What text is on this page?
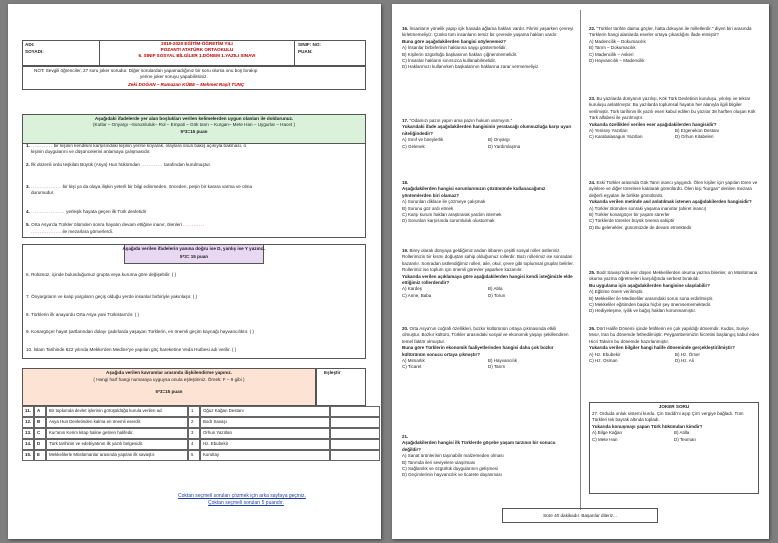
ADI:
SOYADI:
2019-2020 EĞİTİM-ÖĞRETİM YILI
POZANTI ATATÜRK ORTAOKULU
6. SINIF SOSYAL BİLGİLER 1.DÖNEM 1.YAZILI SINAVI
SINIF: NO:
PUAN:
NOT: Sevgili öğrenciler, 27 soru joker sorudur. Diğer sorulardan yapamadığınız bir soru olursa onu boş bırakıp
yerine joker soruyu yapabilirsiniz.
Zeki DOĞAN – Ramazan KÜBE – Mehmet Raşit TUNÇ
Aşağıdaki ifadelerde yer alan boşlukları verilen kelimelerden uygun olanları ile doldurunuz.
(Kutlar – Onyargı –Sorumluluk– Rol – Empati – Gök tanrı – Kurgan– Mete Han – Uygurlar – Hacet )
5*3=15 puan
1. ............ bir kişinin kendisini karşısındaki kişinin yerine koyarak, olaylara onun bakış açısıyla bakması, o
kişinin duygularını ve düşüncelerini anlamaya çalışmasıdır.
2. İlk düzenli ordu teşkilatı Büyük (Asya) Hun hükümdarı ............ tarafından kurulmuştur.
3. ................. bir kişi ya da olaya ilişkin yeterli bir bilgi edinmeden, önceden, peşin bir karara varma ve olma
durumudur.
4. ................... yerleşik hayata geçen ilk Türk devletidir
5. Orta Asya'da Türkler ölümden sonra hayatın devam ettiğine inanır, ölenleri ............
................. ile mezarlara gömerlerdi.
Aşağıda verilen ifadelerin yanına doğru ise D, yanlış ise Y yazınız.
5*3= 15 puan
6. Rolümüz, içinde bulunduğumuz grupta veya kuruma göre değişebilir. ( )
7. Önyargıların ve kalıp yargıların geçiş olduğu yerde insanlar birbiriyle yakınlaşır. ( )
8. Türklerin ilk anayurdu Orta Asya yani Türkistan'dır. ( )
9. Konargöçer hayat şartlarından dolayı çadırlarda yaşayan Türklerin, en önemli geçim kaynağı hayvancılıktır. ( )
10. İslam Tarihinde 622 yılında Mekke'den Medine'ye yapılan göç hareketine Veda Hutbesi adı verilir. ( )
Aşağıda verilen kavramlar arasında ilişkilendirme yapınız.
( Hangi harf hangi numaraya uyguysa onula eşleştiriniz. Örnek: F – 9 gibi )
5*3=15 puan
Eşleştir
11.	A	Bir toplumda devlet işlerinin görüşüldüğü kurula verilen ad.	1	Oğuz Kağan Destanı
12.	B	Asya Hun Devletinden kalma en önemli eserdir.	2	Bodr Savaşı
13.	C	Kur'anın Kerim kitap haline getiren halifedir.	3	Orhun Yazıtları
14.	D	Türk tarihinin ve edebiyatının ilk yazılı belgesidir.	4	Hz. Ebubekir
15.	E	Mekkelilerle Müslümanlar arasında yapılan ilk savaştır.	5	Kurultay
Coktan seçmeli soruları çözmek için arka sayfaya geçiniz.
Çoktan seçmeli soruları 5 puandır.
16. İnsanların yönelik yapıp içik havada ağlama hakları vardır. Fikrini yaşarken çevreyi kirletmemeliyiz. Çünkü tüm insanların temiz bir çevrede yaşama hakları vardır.
Buna göre aşağıdakilerden hangisi söylenemez?
A) İnsanlar birbirlerinin haklarına saygı göstermelidir.
B) Kişilerin özgürlüğü başkasının hakları çiğnenmemelidir.
C) İnsanlar hakların sınırsızca kullanabilmelidir.
D) Haklarımızı kullanırken başkalarının haklarına zarar vermemeliyiz.
17. "Odamızı pazın yapın ama pazın hukum varmıyım."
Yukarıdaki ifade aşağıdakilerden hangisinin yeratacağı olumsuzluğa karşı uyarı niteliğindedir?
A) Sınıf ve bireylerlik	B) Onyargı
C) Gelenek	D) Yardımlaşma
18.
Aşağıdakilerden hangisi sorunlarımızın çözümünde kullanacağımız yöntemlerden biri olamaz?
A) Sorunları diklace ile çözmeye çalışmak
B) Sorunu göz ardı etmek
C) Karşı kurum hakları araştırarak yardım istemek
D) Sorunları karşısında sorumluluk olusturmak
19. Birey olarak dünyaya geldiğimiz andan itibaren çeşitli sosyal roller üstleniriz. Rollerimizin bir kısmı doğuştan sahip olduğumuz rollerdir. Bazı rollerimiz ise sonradan kazanılır. Sonradan üstlendiğimiz rolleri, aile, okul, çevre gibi toplumsal gruplar belirler. Rollerimiz ise toplum için önemli görevler yaparken kazanılır.
Yukarıda verilen açıklamaya göre aşağıdakilerden hangisi kendi isteğimizle elde ettiğimiz rollerdendir?
A) Kardeş	B) Abla
C) Anne, Baba	D) Torun
20. Orta Asya'nın coğrafi özellikleri, bozkır kültürünün ortaya çıkmasında etkili olmuştur. Bozkır kültürü, Türkler arasındaki sosyal ve ekonomik yaşayı şekillendiren temel faktör olmuştur.
Buna göre Türklerin ekonomik faaliyetlerinden hangisi daha çok bozkır kültürünün sonucu ortaya çıkmıştır?
A) Mimarlık	B) Hayvancılık
C) Ticaret	D) Tarım
21.
Aşağıdakilerden hangisi ilk Türklerde göçebe yaşam tarzının bir sonucu değildir?
A) Sanat ürünlerinin taşınabilir malzemeden olması
B) Tarımda ileri seviyelere ulaşılması
C) Sağlamlık ve özgürlük duygularının gelişmesi
D) Geçimlerinin hayvancılık ve ticarete dayanması
22. "Türkler tarihte daima göçler, hatta dokuyan ile milletlerdir." diyen biri arasında Türklerin hangi alanlarda eserler ortaya çıkardığını ifade etmiştir?
A) Madencilik – Dokumacılık
B) Tarım – Dokumacılık
C) Madencilik – Askeri
D) Hayvancılık – Madencilik
23. Bu yazılarda dünyanın yazılışı, Kök Türk Devletinin kuruluşu, yıkılışı ve tekrar kuruluşu anlatılmıştır. Bu yazılarda toplumsal hayatın her alanıyla ilgili bilgiler verilmiştir. Türk tarihinin ilk yazılı eseri kabul edilen bu yazılar 38 harften oluşan Kök Türk alfabesi ile yazılmıştır.
Yukarıda özellikleri verilen eser aşağıdakilerden hangisidir?
A) Yenisey Yazıtları	B) Ergenekon Destanı
C) Karabalasagun Yazıtları	D) Orhun Kitabeleri
24. Eski Türkler arasında Gök Tanrı inancı yaygındı. Ölen kişiler için yapılan tören ve ayinlere ve diğer törenlere katılarak gömülürdü. Ölen kişi "kurgan" denilen mezara değerli eşyaları ile birlikte gömülürdü.
Yukarıda verilen metinde asıl anlatılmak istenen aşağıdakilerden hangisidir?
A) Türkler ölümden sonraki yaşama inanırlar (ahiret inancı)
B) Türkler konargöçer bir yaşam sürerler
C) Türklerde törenler büyük önema sahiptir
D) Bu gelenekler, günümüzde de devam etmektedir
25. Bodr Savaşı'nda esir düşen Mekkelilerden okuma yazma bilenler, on Müslümana okuma yazma öğretmeleri karşılığında serbest bırakıldı.
Bu uygulama için aşağıdakilerden hangisine ulaşılabilir?
A) Eğitime önem verilmiştir.
B) Mekkeliler ile Medineliler arasındaki sorun sona erdirilmiştir.
C) Mekkeliler eğitimden başka hiçbir şey önemsememektedir.
D) Hediyeleşme, iyilik ve bağış hakları korunmamıştır.
26. Dört Halife Dönemi içinde fetihlerin en çok yapıldığı dönemdir. Kudüs, Suriye Mısır, İran bu dönemde fethedilmiştir. Peygamberimizin hicretini başlangıç kabul eden Hicri Takvim bu dönemde hazırlanmıştır.
Yukarıda verilen bilgiler hangi halife döneminde gerçekleştirilmiştir?
A) Hz. Ebubekir	B) Hz. Ömer
C) Hz. Osman	D) Hz. Ali
JOKER SORU
27. Orduda onluk sistemi kurdu. Çin Seddi'ni aşıp Çin'i vergiye bağladı. Tüm Türkleri tek bayrak altında topladı.
Yukarıda konuşmayı yapan Türk hükümdarı kimdir?
A) Bilge Kağan	B) Atilla
C) Mete Han	D) Teoman
Süre 40 dakikadır. Başarılar dileriz...
